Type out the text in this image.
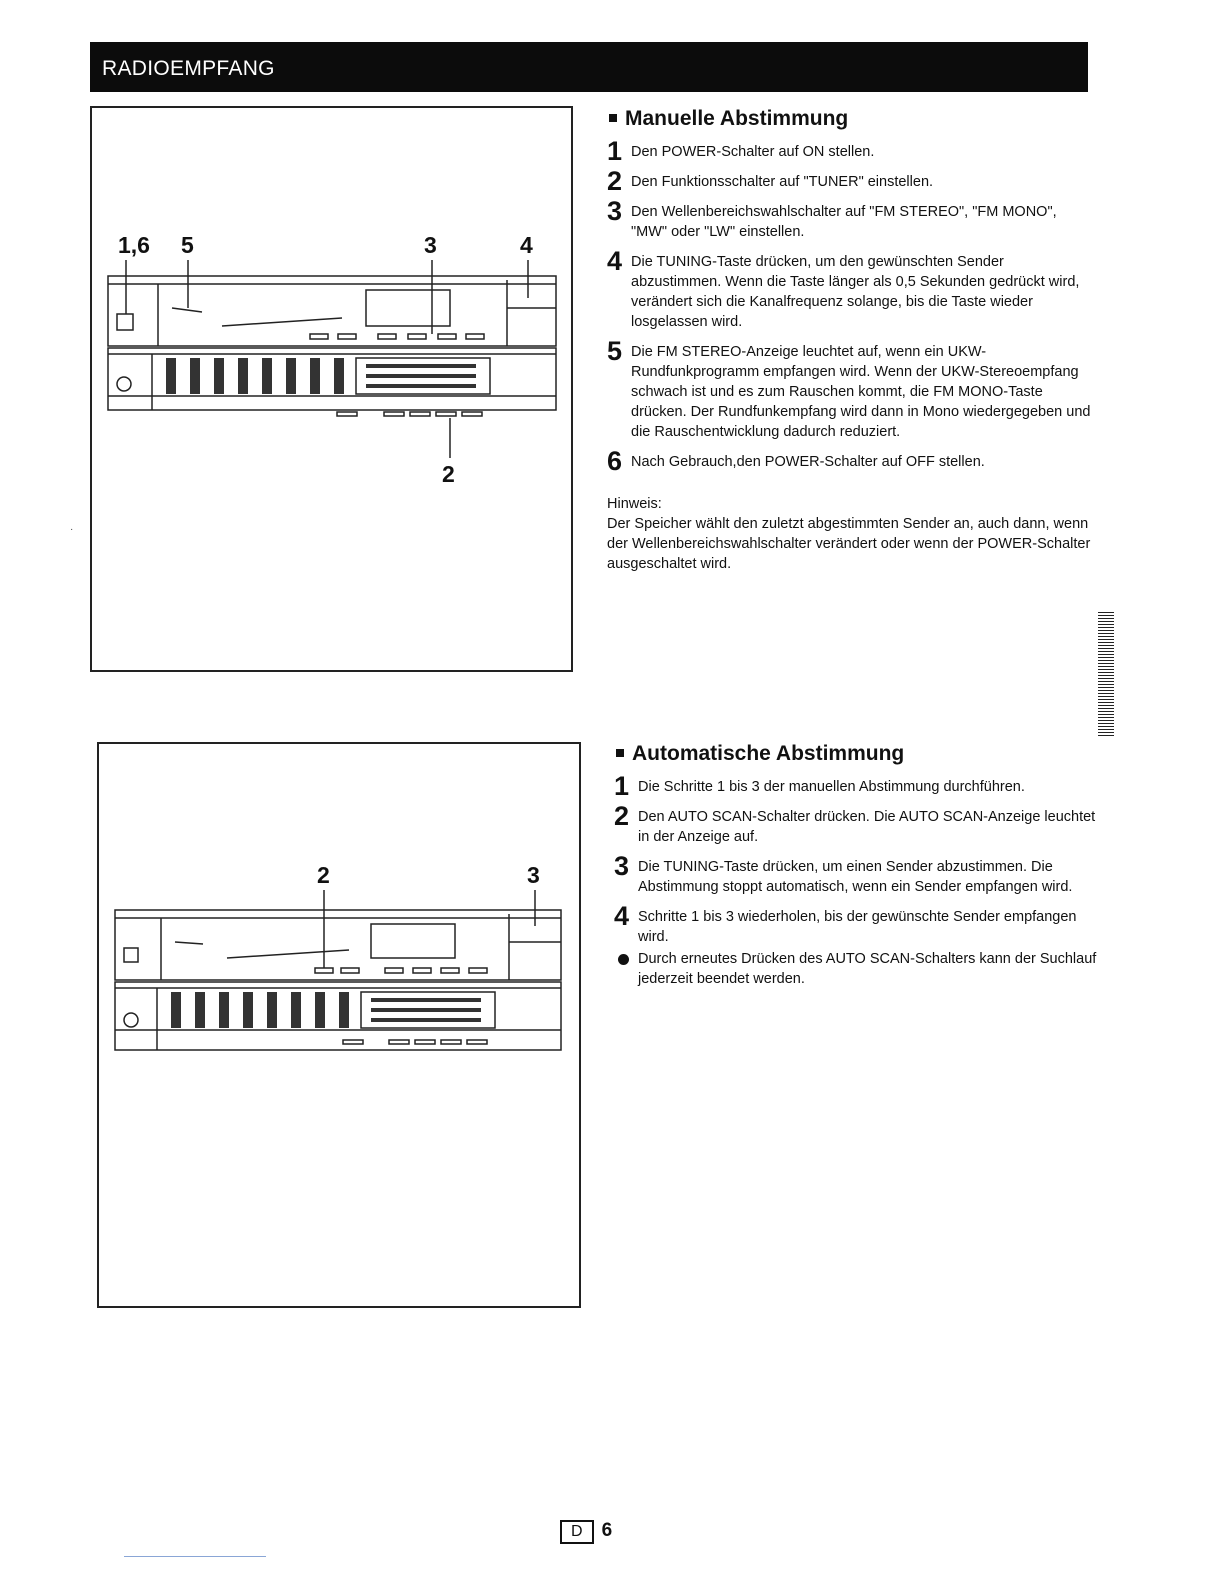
RADIOEMPFANG
·
1,6 5	3	4
2
2	3
Manuelle Abstimmung
1 Den POWER-Schalter auf ON stellen.
2 Den Funktionsschalter auf "TUNER" einstellen.
3 Den Wellenbereichswahlschalter auf "FM STEREO", "FM MONO", "MW" oder "LW" einstellen.
4 Die TUNING-Taste drücken, um den gewünschten Sender abzustimmen. Wenn die Taste länger als 0,5 Sekunden gedrückt wird, verändert sich die Kanalfrequenz solange, bis die Taste wieder losgelassen wird.
5 Die FM STEREO-Anzeige leuchtet auf, wenn ein UKW-Rundfunkprogramm empfangen wird. Wenn der UKW-Stereoempfang schwach ist und es zum Rauschen kommt, die FM MONO-Taste drücken. Der Rundfunkempfang wird dann in Mono wiedergegeben und die Rauschentwicklung dadurch reduziert.
6 Nach Gebrauch,den POWER-Schalter auf OFF stellen.
Hinweis:
Der Speicher wählt den zuletzt abgestimmten Sender an, auch dann, wenn der Wellenbereichswahlschalter verändert oder wenn der POWER-Schalter ausgeschaltet wird.
Automatische Abstimmung
1 Die Schritte 1 bis 3 der manuellen Abstimmung durchführen.
2 Den AUTO SCAN-Schalter drücken. Die AUTO SCAN-Anzeige leuchtet in der Anzeige auf.
3 Die TUNING-Taste drücken, um einen Sender abzustimmen. Die Abstimmung stoppt automatisch, wenn ein Sender empfangen wird.
4 Schritte 1 bis 3 wiederholen, bis der gewünschte Sender empfangen wird.
Durch erneutes Drücken des AUTO SCAN-Schalters kann der Suchlauf jederzeit beendet werden.
D 6
